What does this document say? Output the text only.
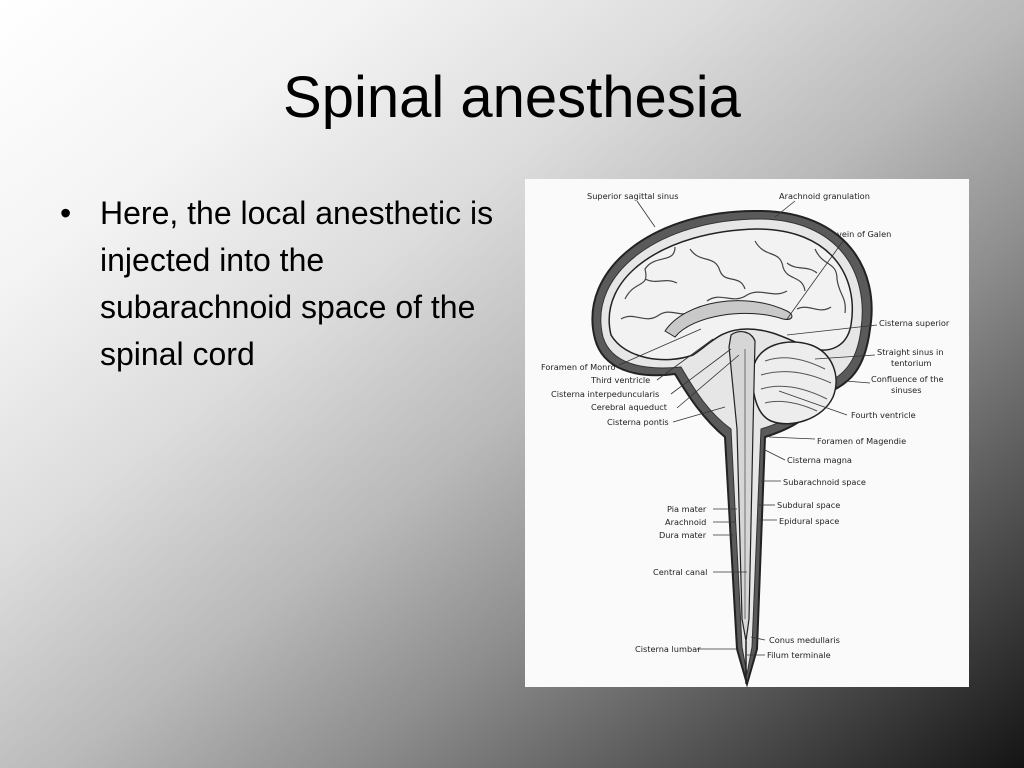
Spinal anesthesia
• Here, the local anesthetic is injected into the subarachnoid space of the spinal cord
Superior sagittal sinus	Arachnoid granulation
vein of Galen
Cisterna superior
Straight sinus in
tentorium
Confluence of the
sinuses
Foramen of Monro
Third ventricle
Cisterna interpeduncularis
Cerebral aqueduct
Cisterna pontis
Fourth ventricle
Foramen of Magendie
Cisterna magna
Subarachnoid space
Subdural space
Epidural space
Pia mater
Arachnoid
Dura mater
Central canal
Conus medullaris
Cisterna lumbar
Filum terminale
